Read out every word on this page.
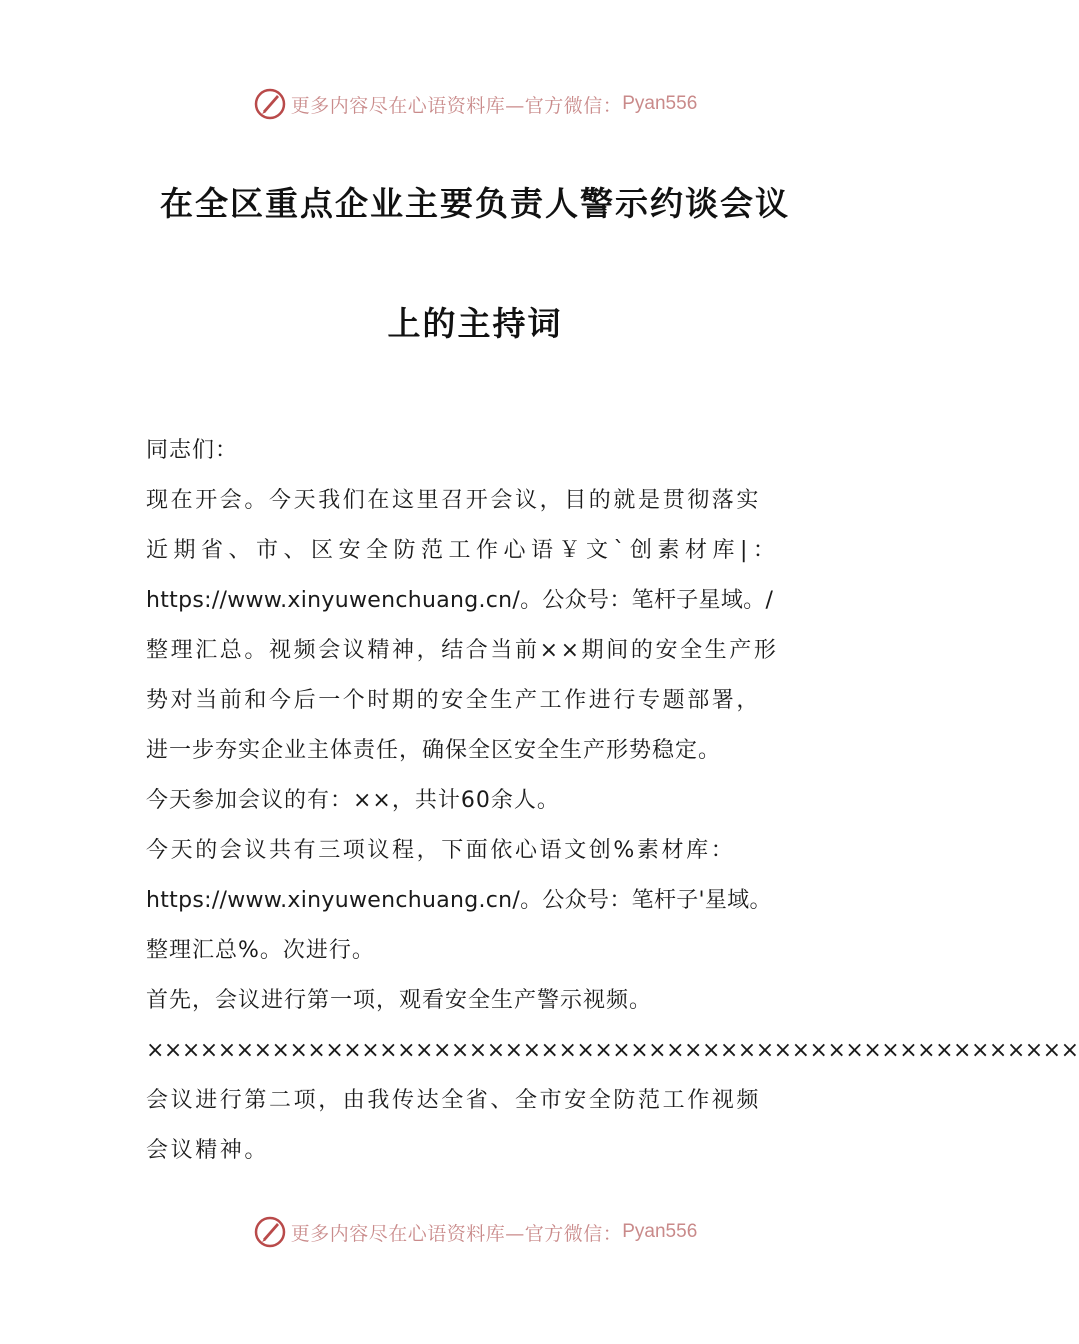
更多内容尽在心语资料库—官方微信： Pyan556
在全区重点企业主要负责人警示约谈会议
上的主持词
同志们：
现在开会。今天我们在这里召开会议，目的就是贯彻落实
近期省、市、区安全防范工作心语￥文`创素材库|：
https://www.xinyuwenchuang.cn/。公众号：笔杆子星域。/
整理汇总。视频会议精神，结合当前××期间的安全生产形
势对当前和今后一个时期的安全生产工作进行专题部署，
进一步夯实企业主体责任，确保全区安全生产形势稳定。
今天参加会议的有：××，共计60余人。
今天的会议共有三项议程，下面依心语文创%素材库：
https://www.xinyuwenchuang.cn/。公众号：笔杆子'星域。
整理汇总%。次进行。
首先，会议进行第一项，观看安全生产警示视频。
××××××××××××××××××××××××××××××××××××××××××××××××××××
会议进行第二项，由我传达全省、全市安全防范工作视频
会议精神。
更多内容尽在心语资料库—官方微信： Pyan556
